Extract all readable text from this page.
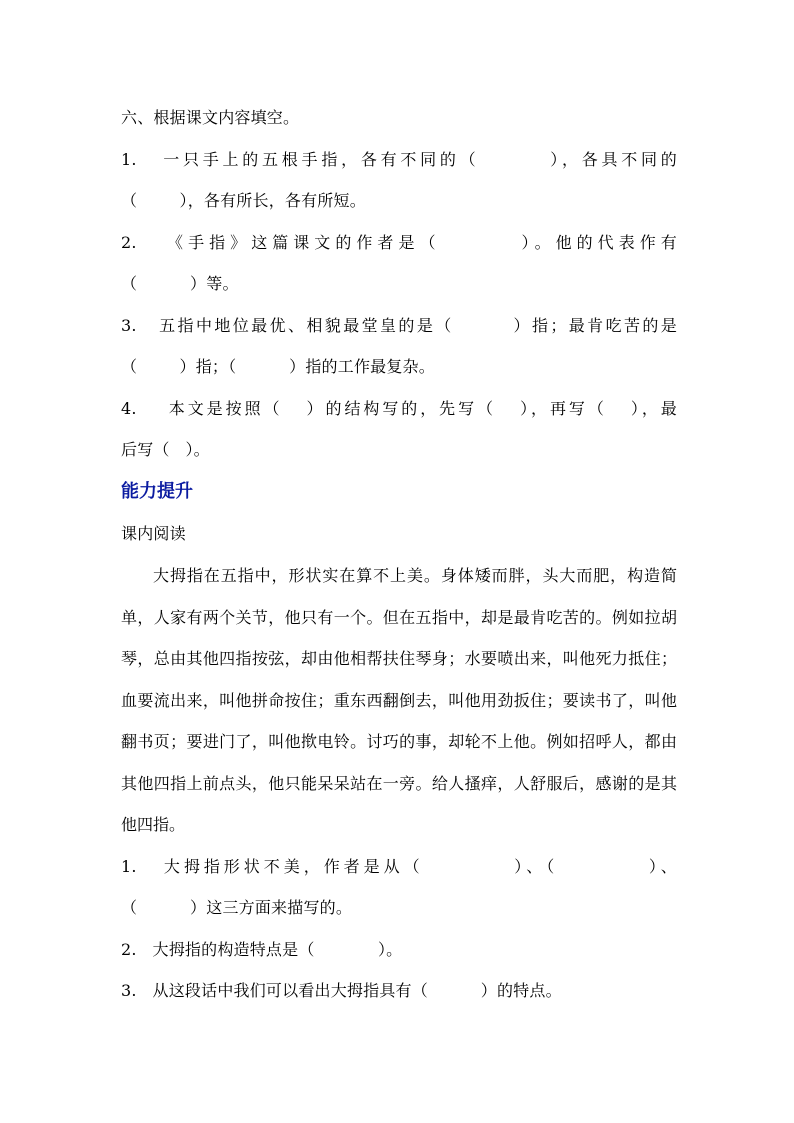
六、根据课文内容填空。
1.   一只手上的五根手指，各有不同的（        ），各具不同的
（        ），各有所长，各有所短。
2.   《手指》这篇课文的作者是（        ）。他的代表作有
（          ）等。
3.   五指中地位最优、相貌最堂皇的是（        ）指；最肯吃苦的是
（        ）指；（          ）指的工作最复杂。
4.    本文是按照（   ）的结构写的，先写（   ），再写（   ），最
后写（   ）。
能力提升
课内阅读

大拇指在五指中，形状实在算不上美。身体矮而胖，头大而肥，构造简单，人家有两个关节，他只有一个。但在五指中，却是最肯吃苦的。例如拉胡琴，总由其他四指按弦，却由他相帮扶住琴身；水要喷出来，叫他死力抵住；血要流出来，叫他拼命按住；重东西翻倒去，叫他用劲扳住；要读书了，叫他翻书页；要进门了，叫他揿电铃。讨巧的事，却轮不上他。例如招呼人，都由其他四指上前点头，他只能呆呆站在一旁。给人搔痒，人舒服后，感谢的是其他四指。

1.   大拇指形状不美，作者是从（          ）、（          ）、
（          ）这三方面来描写的。
2.   大拇指的构造特点是（            ）。
3.   从这段话中我们可以看出大拇指具有（          ）的特点。
